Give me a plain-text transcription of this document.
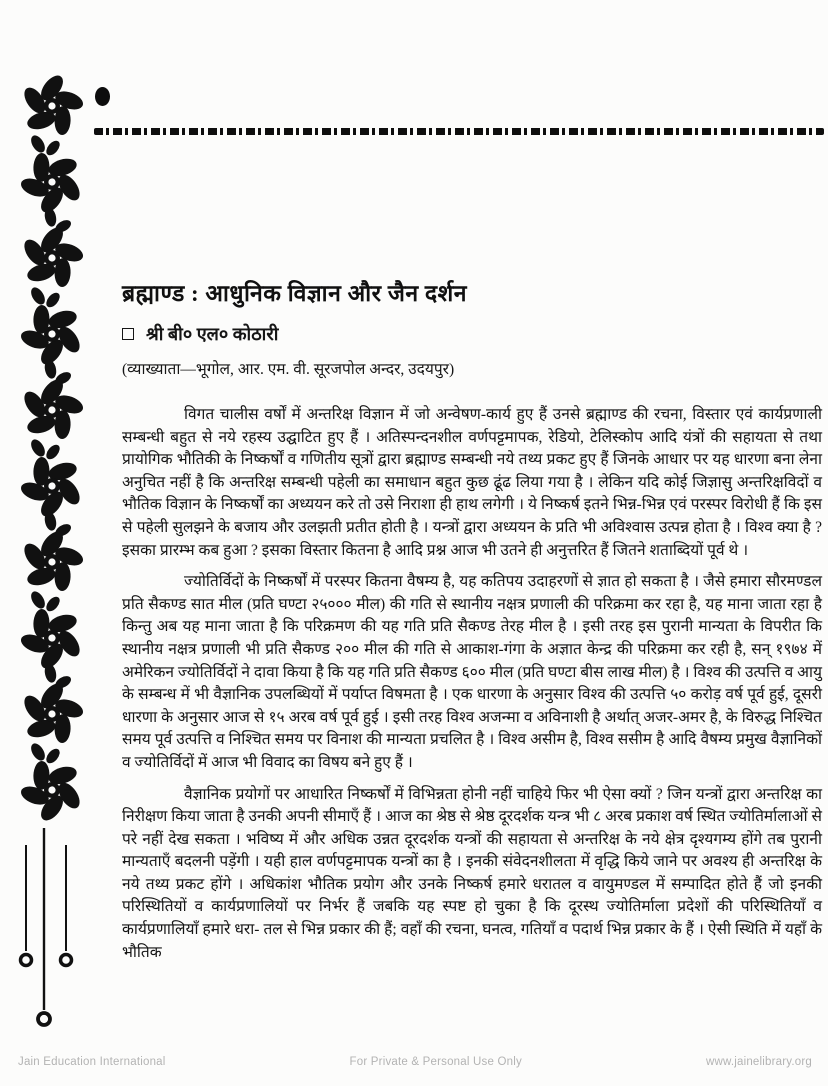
ब्रह्माण्ड : आधुनिक विज्ञान और जैन दर्शन
श्री बी० एल० कोठारी
(व्याख्याता—भूगोल, आर. एम. वी. सूरजपोल अन्दर, उदयपुर)

विगत चालीस वर्षों में अन्तरिक्ष विज्ञान में जो अन्वेषण-कार्य हुए हैं उनसे ब्रह्माण्ड की रचना, विस्तार एवं कार्यप्रणाली सम्बन्धी बहुत से नये रहस्य उद्घाटित हुए हैं । अतिस्पन्दनशील वर्णपट्टमापक, रेडियो, टेलिस्कोप आदि यंत्रों की सहायता से तथा प्रायोगिक भौतिकी के निष्कर्षों व गणितीय सूत्रों द्वारा ब्रह्माण्ड सम्बन्धी नये तथ्य प्रकट हुए हैं जिनके आधार पर यह धारणा बना लेना अनुचित नहीं है कि अन्तरिक्ष सम्बन्धी पहेली का समाधान बहुत कुछ ढूंढ लिया गया है । लेकिन यदि कोई जिज्ञासु अन्तरिक्षविदों व भौतिक विज्ञान के निष्कर्षों का अध्ययन करे तो उसे निराशा ही हाथ लगेगी । ये निष्कर्ष इतने भिन्न-भिन्न एवं परस्पर विरोधी हैं कि इस से पहेली सुलझने के बजाय और उलझती प्रतीत होती है । यन्त्रों द्वारा अध्ययन के प्रति भी अविश्वास उत्पन्न होता है । विश्व क्या है ? इसका प्रारम्भ कब हुआ ? इसका विस्तार कितना है आदि प्रश्न आज भी उतने ही अनुत्तरित हैं जितने शताब्दियों पूर्व थे ।

ज्योतिर्विदों के निष्कर्षों में परस्पर कितना वैषम्य है, यह कतिपय उदाहरणों से ज्ञात हो सकता है । जैसे हमारा सौरमण्डल प्रति सैकण्ड सात मील (प्रति घण्टा २५००० मील) की गति से स्थानीय नक्षत्र प्रणाली की परिक्रमा कर रहा है, यह माना जाता रहा है किन्तु अब यह माना जाता है कि परिक्रमण की यह गति प्रति सैकण्ड तेरह मील है । इसी तरह इस पुरानी मान्यता के विपरीत कि स्थानीय नक्षत्र प्रणाली भी प्रति सैकण्ड २०० मील की गति से आकाश-गंगा के अज्ञात केन्द्र की परिक्रमा कर रही है, सन् १९७४ में अमेरिकन ज्योतिर्विदों ने दावा किया है कि यह गति प्रति सैकण्ड ६०० मील (प्रति घण्टा बीस लाख मील) है । विश्व की उत्पत्ति व आयु के सम्बन्ध में भी वैज्ञानिक उपलब्धियों में पर्याप्त विषमता है । एक धारणा के अनुसार विश्व की उत्पत्ति ५० करोड़ वर्ष पूर्व हुई, दूसरी धारणा के अनुसार आज से १५ अरब वर्ष पूर्व हुई । इसी तरह विश्व अजन्मा व अविनाशी है अर्थात् अजर-अमर है, के विरुद्ध निश्चित समय पूर्व उत्पत्ति व निश्चित समय पर विनाश की मान्यता प्रचलित है । विश्व असीम है, विश्व ससीम है आदि वैषम्य प्रमुख वैज्ञानिकों व ज्योतिर्विदों में आज भी विवाद का विषय बने हुए हैं ।

वैज्ञानिक प्रयोगों पर आधारित निष्कर्षों में विभिन्नता होनी नहीं चाहिये फिर भी ऐसा क्यों ? जिन यन्त्रों द्वारा अन्तरिक्ष का निरीक्षण किया जाता है उनकी अपनी सीमाएँ हैं । आज का श्रेष्ठ से श्रेष्ठ दूरदर्शक यन्त्र भी ८ अरब प्रकाश वर्ष स्थित ज्योतिर्मालाओं से परे नहीं देख सकता । भविष्य में और अधिक उन्नत दूरदर्शक यन्त्रों की सहायता से अन्तरिक्ष के नये क्षेत्र दृश्यगम्य होंगे तब पुरानी मान्यताएँ बदलनी पड़ेंगी । यही हाल वर्णपट्टमापक यन्त्रों का है । इनकी संवेदनशीलता में वृद्धि किये जाने पर अवश्य ही अन्तरिक्ष के नये तथ्य प्रकट होंगे । अधिकांश भौतिक प्रयोग और उनके निष्कर्ष हमारे धरातल व वायुमण्डल में सम्पादित होते हैं जो इनकी परिस्थितियों व कार्यप्रणालियों पर निर्भर हैं जबकि यह स्पष्ट हो चुका है कि दूरस्थ ज्योतिर्माला प्रदेशों की परिस्थितियाँ व कार्यप्रणालियाँ हमारे धरा- तल से भिन्न प्रकार की हैं; वहाँ की रचना, घनत्व, गतियाँ व पदार्थ भिन्न प्रकार के हैं । ऐसी स्थिति में यहाँ के भौतिक

Jain Education International	For Private & Personal Use Only	www.jainelibrary.org
